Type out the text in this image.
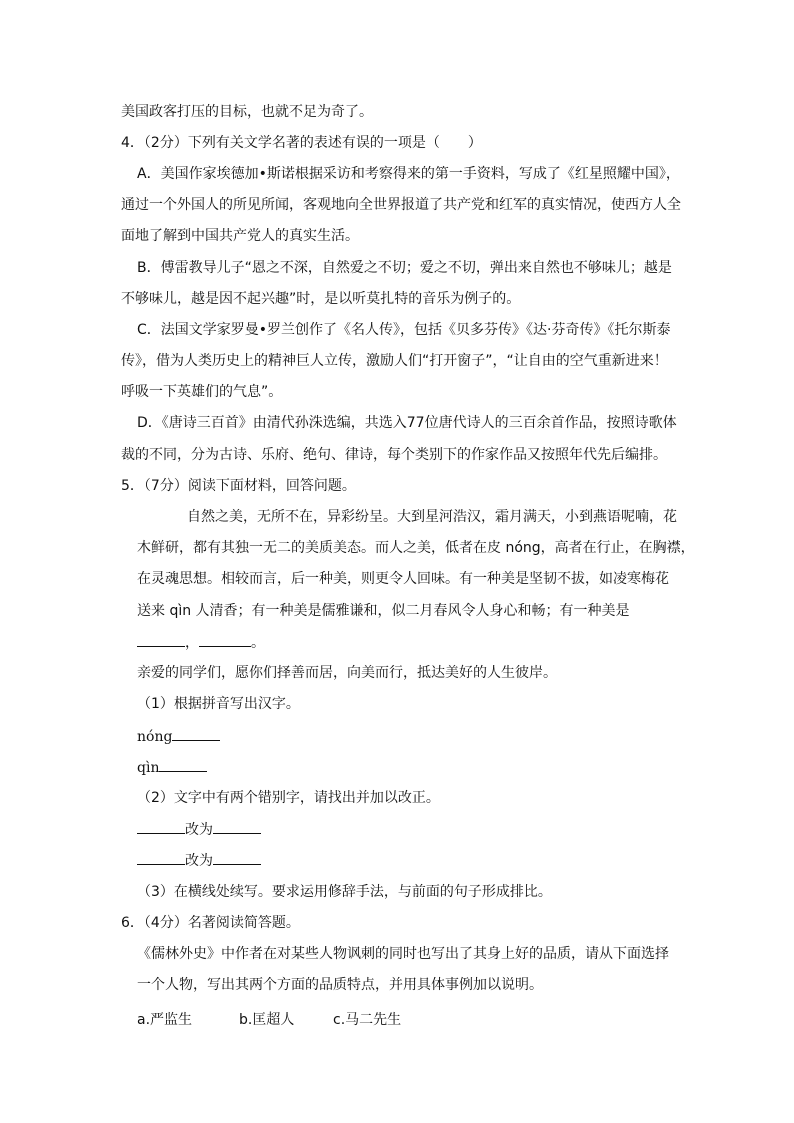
美国政客打压的目标，也就不足为奇了。
4．（2分）下列有关文学名著的表述有误的一项是（　　）
A．美国作家埃德加•斯诺根据采访和考察得来的第一手资料，写成了《红星照耀中国》，
通过一个外国人的所见所闻，客观地向全世界报道了共产党和红军的真实情况，使西方人全
面地了解到中国共产党人的真实生活。
B．傅雷教导儿子“恩之不深，自然爱之不切；爱之不切，弹出来自然也不够味儿；越是
不够味儿，越是因不起兴趣”时，是以听莫扎特的音乐为例子的。
C．法国文学家罗曼•罗兰创作了《名人传》，包括《贝多芬传》《达·芬奇传》《托尔斯泰
传》，借为人类历史上的精神巨人立传，激励人们“打开窗子”，“让自由的空气重新进来！
呼吸一下英雄们的气息”。
D．《唐诗三百首》由清代孙洙选编，共选入77位唐代诗人的三百余首作品，按照诗歌体
裁的不同，分为古诗、乐府、绝句、律诗，每个类别下的作家作品又按照年代先后编排。
5．（7分）阅读下面材料，回答问题。
自然之美，无所不在，异彩纷呈。大到星河浩汉，霜月满天，小到燕语呢喃，花
木鲜研，都有其独一无二的美质美态。而人之美，低者在皮 nóng，高者在行止，在胸襟，
在灵魂思想。相较而言，后一种美，则更令人回味。有一种美是坚韧不拔，如凌寒梅花
送来 qìn 人清香；有一种美是儒雅谦和，似二月春风令人身心和畅；有一种美是
，	。
亲爱的同学们，愿你们择善而居，向美而行，抵达美好的人生彼岸。
（1）根据拼音写出汉字。
nóng
qìn
（2）文字中有两个错别字，请找出并加以改正。
改为
改为
（3）在横线处续写。要求运用修辞手法，与前面的句子形成排比。
6．（4分）名著阅读简答题。
《儒林外史》中作者在对某些人物讽刺的同时也写出了其身上好的品质，请从下面选择
一个人物，写出其两个方面的品质特点，并用具体事例加以说明。
a.严监生	b.匡超人	c.马二先生
